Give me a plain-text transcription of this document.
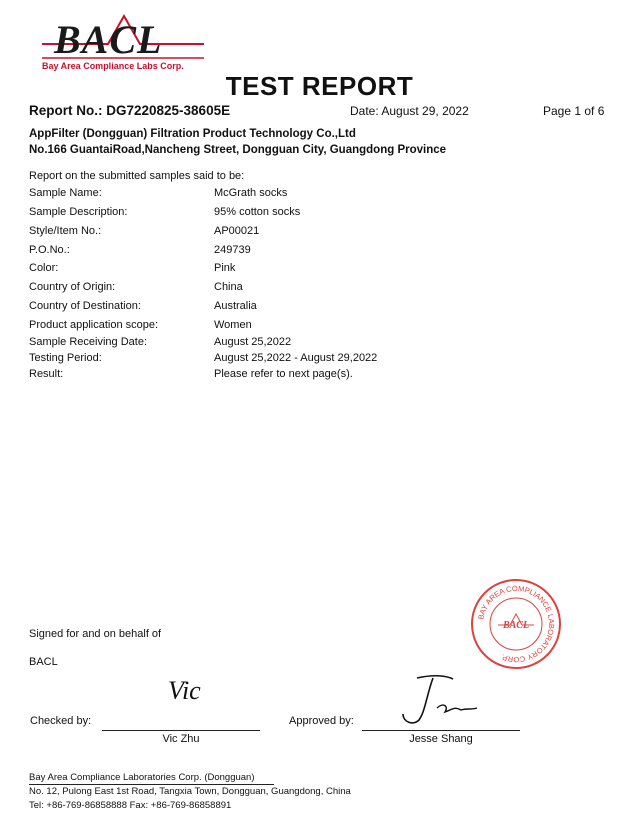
BACL
Bay Area Compliance Labs Corp.
TEST REPORT
Report No.: DG7220825-38605E	Date: August 29, 2022	Page 1 of 6
AppFilter (Dongguan) Filtration Product Technology Co.,Ltd
No.166 GuantaiRoad,Nancheng Street, Dongguan City, Guangdong Province
Report on the submitted samples said to be:
Sample Name:	McGrath socks
Sample Description:	95% cotton socks
Style/Item No.:	AP00021
P.O.No.:	249739
Color:	Pink
Country of Origin:	China
Country of Destination:	Australia
Product application scope:	Women
Sample Receiving Date:	August 25,2022
Testing Period:	August 25,2022 - August 29,2022
Result:	Please refer to next page(s).
BAY AREA COMPLIANCE LABORATORY CORP.
BACL
Signed for and on behalf of
BACL
Vic
Checked by:
Vic Zhu
Approved by:
Jesse Shang
Bay Area Compliance Laboratories Corp. (Dongguan)
No. 12, Pulong East 1st Road, Tangxia Town, Dongguan, Guangdong, China
Tel: +86-769-86858888 Fax: +86-769-86858891
